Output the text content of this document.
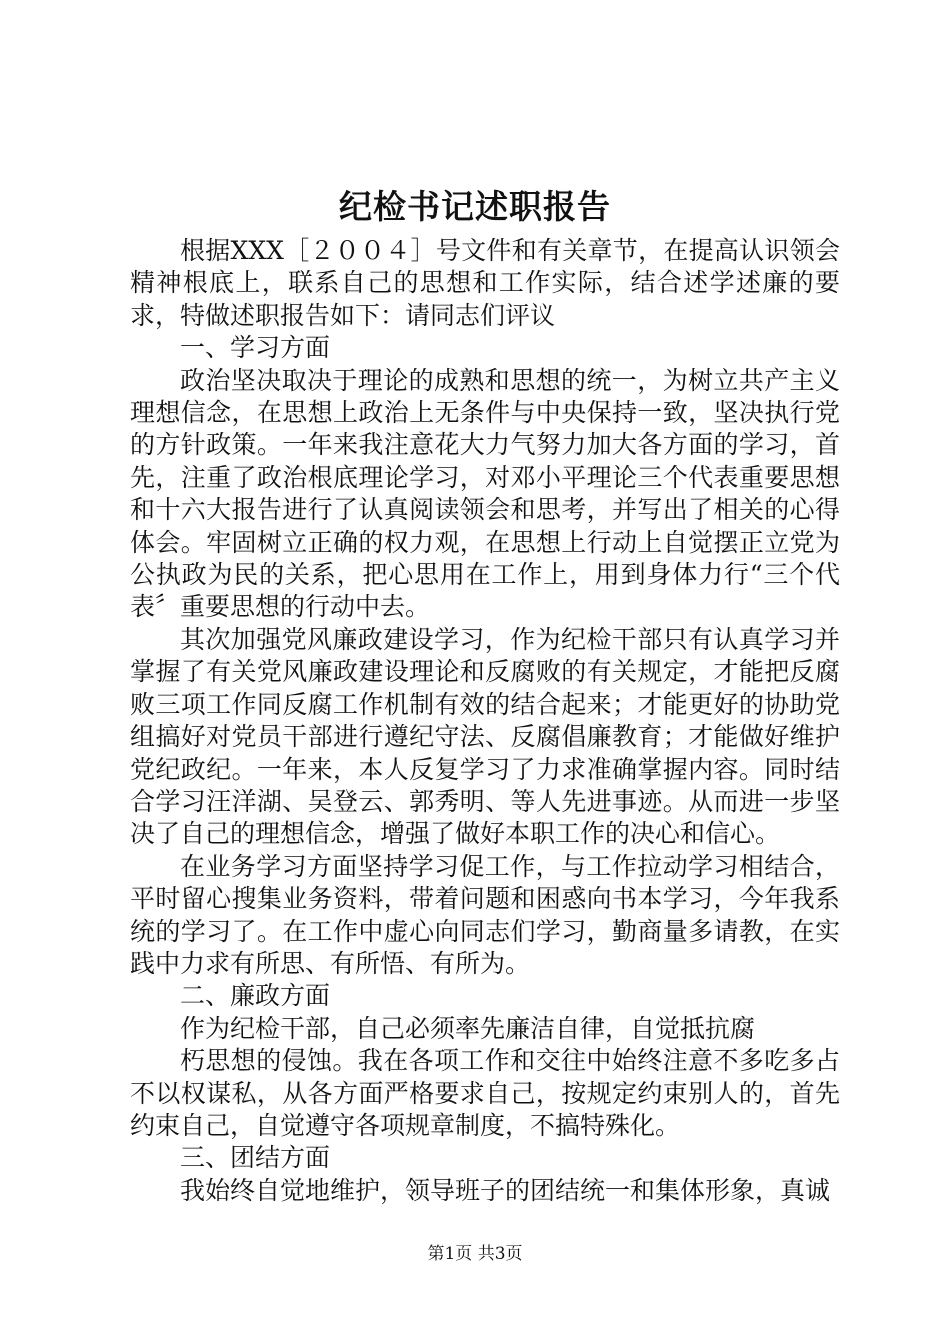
纪检书记述职报告

根据XXX［２００４］号文件和有关章节，在提高认识领会精神根底上，联系自己的思想和工作实际，结合述学述廉的要求，特做述职报告如下：请同志们评议

一、学习方面

政治坚决取决于理论的成熟和思想的统一，为树立共产主义理想信念，在思想上政治上无条件与中央保持一致，坚决执行党的方针政策。一年来我注意花大力气努力加大各方面的学习，首先，注重了政治根底理论学习，对邓小平理论三个代表重要思想和十六大报告进行了认真阅读领会和思考，并写出了相关的心得体会。牢固树立正确的权力观，在思想上行动上自觉摆正立党为公执政为民的关系，把心思用在工作上，用到身体力行“三个代表〞重要思想的行动中去。

其次加强党风廉政建设学习，作为纪检干部只有认真学习并掌握了有关党风廉政建设理论和反腐败的有关规定，才能把反腐败三项工作同反腐工作机制有效的结合起来；才能更好的协助党组搞好对党员干部进行遵纪守法、反腐倡廉教育；才能做好维护党纪政纪。一年来，本人反复学习了力求准确掌握内容。同时结合学习汪洋湖、吴登云、郭秀明、等人先进事迹。从而进一步坚决了自己的理想信念，增强了做好本职工作的决心和信心。

在业务学习方面坚持学习促工作，与工作拉动学习相结合，平时留心搜集业务资料，带着问题和困惑向书本学习，今年我系统的学习了。在工作中虚心向同志们学习，勤商量多请教，在实践中力求有所思、有所悟、有所为。

二、廉政方面

作为纪检干部，自己必须率先廉洁自律，自觉抵抗腐

朽思想的侵蚀。我在各项工作和交往中始终注意不多吃多占不以权谋私，从各方面严格要求自己，按规定约束别人的，首先约束自己，自觉遵守各项规章制度，不搞特殊化。

三、团结方面

我始终自觉地维护，领导班子的团结统一和集体形象，真诚

第1页 共3页
